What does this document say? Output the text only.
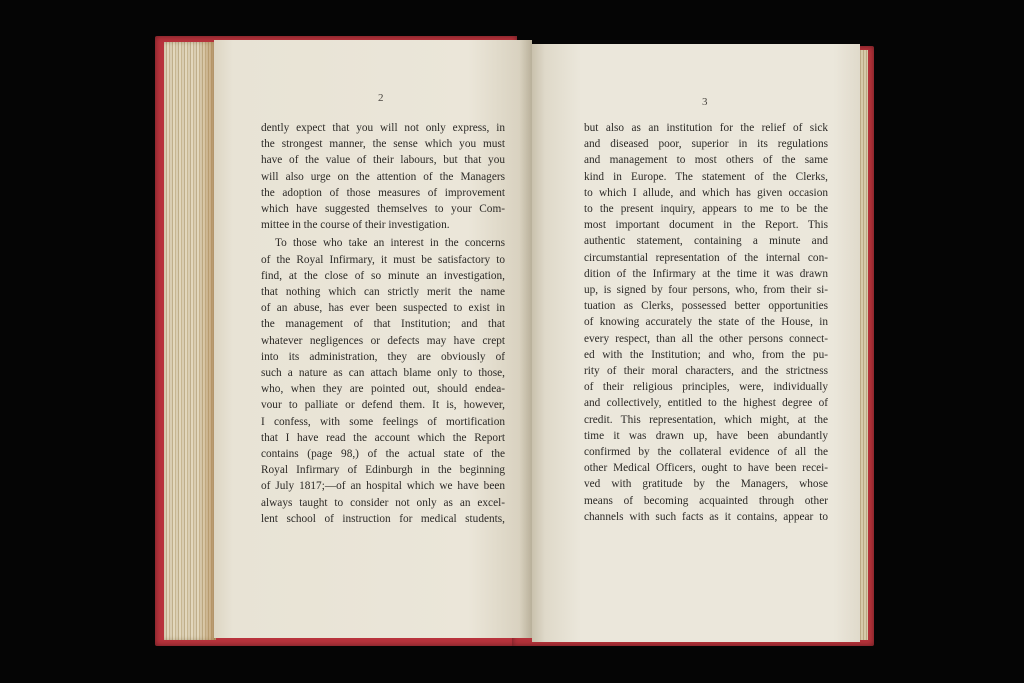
2
dently expect that you will not only express, in
the strongest manner, the sense which you must
have of the value of their labours, but that you
will also urge on the attention of the Managers
the adoption of those measures of improvement
which have suggested themselves to your Com-
mittee in the course of their investigation.
To those who take an interest in the concerns
of the Royal Infirmary, it must be satisfactory to
find, at the close of so minute an investigation,
that nothing which can strictly merit the name
of an abuse, has ever been suspected to exist in
the management of that Institution; and that
whatever negligences or defects may have crept
into its administration, they are obviously of
such a nature as can attach blame only to those,
who, when they are pointed out, should endea-
vour to palliate or defend them. It is, however,
I confess, with some feelings of mortification
that I have read the account which the Report
contains (page 98,) of the actual state of the
Royal Infirmary of Edinburgh in the beginning
of July 1817;—of an hospital which we have been
always taught to consider not only as an excel-
lent school of instruction for medical students,
3
but also as an institution for the relief of sick
and diseased poor, superior in its regulations
and management to most others of the same
kind in Europe. The statement of the Clerks,
to which I allude, and which has given occasion
to the present inquiry, appears to me to be the
most important document in the Report. This
authentic statement, containing a minute and
circumstantial representation of the internal con-
dition of the Infirmary at the time it was drawn
up, is signed by four persons, who, from their si-
tuation as Clerks, possessed better opportunities
of knowing accurately the state of the House, in
every respect, than all the other persons connect-
ed with the Institution; and who, from the pu-
rity of their moral characters, and the strictness
of their religious principles, were, individually
and collectively, entitled to the highest degree of
credit. This representation, which might, at the
time it was drawn up, have been abundantly
confirmed by the collateral evidence of all the
other Medical Officers, ought to have been recei-
ved with gratitude by the Managers, whose
means of becoming acquainted through other
channels with such facts as it contains, appear to
